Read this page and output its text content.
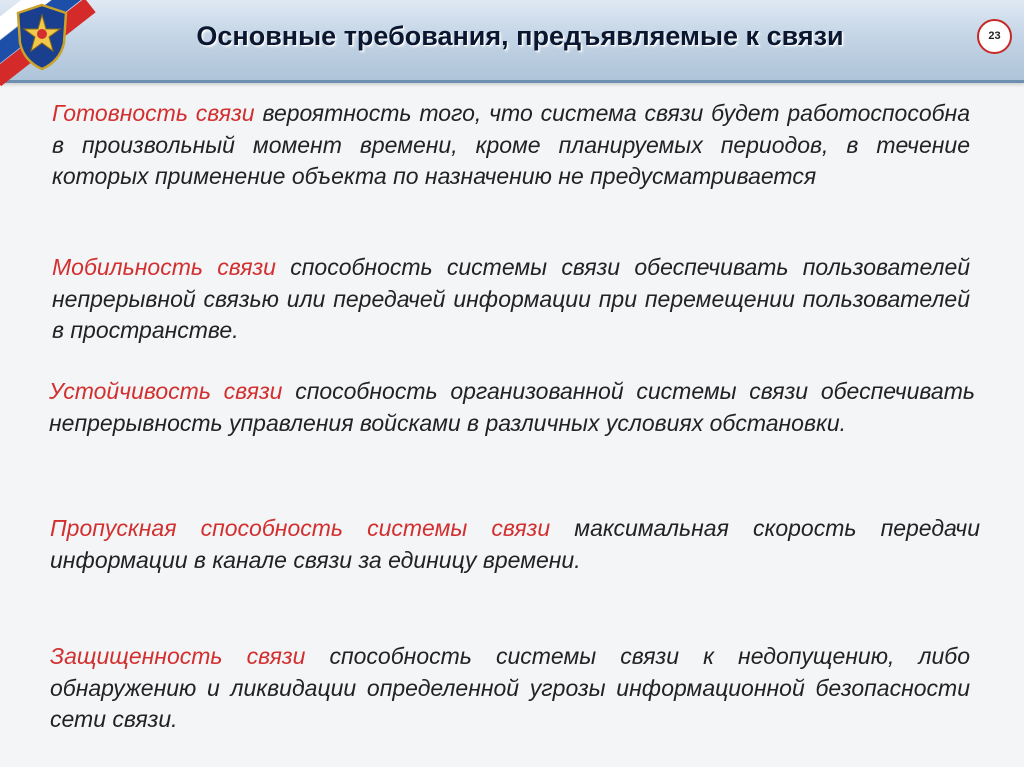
Основные требования, предъявляемые к связи	23

Готовность связи вероятность того, что система связи будет работоспособна в произвольный момент времени, кроме планируемых периодов, в течение которых применение объекта по назначению не предусматривается

Мобильность связи способность системы связи обеспечивать пользователей непрерывной связью или передачей информации при перемещении пользователей в пространстве.

Устойчивость связи способность организованной системы связи обеспечивать непрерывность управления войсками в различных условиях обстановки.

Пропускная способность системы связи максимальная скорость передачи информации в канале связи за единицу времени.

Защищенность связи способность системы связи к недопущению, либо обнаружению и ликвидации определенной угрозы информационной безопасности сети связи.
